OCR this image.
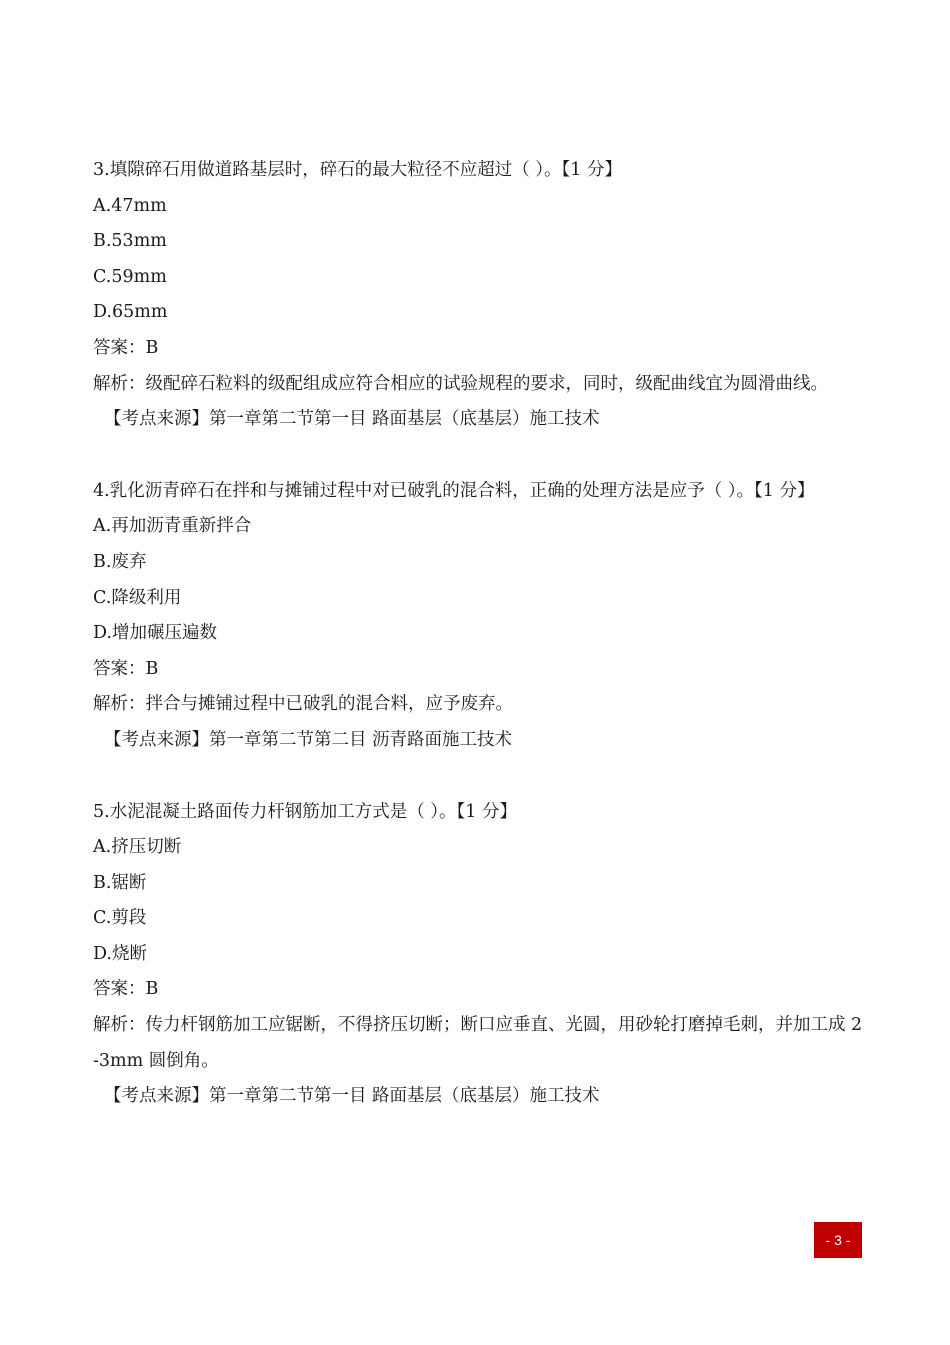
3.填隙碎石用做道路基层时，碎石的最大粒径不应超过（ ）。【1 分】

A.47mm

B.53mm

C.59mm

D.65mm

答案：B

解析：级配碎石粒料的级配组成应符合相应的试验规程的要求，同时，级配曲线宜为圆滑曲线。

【考点来源】第一章第二节第一目 路面基层（底基层）施工技术

4.乳化沥青碎石在拌和与摊铺过程中对已破乳的混合料，正确的处理方法是应予（ ）。【1 分】

A.再加沥青重新拌合

B.废弃

C.降级利用

D.增加碾压遍数

答案：B

解析：拌合与摊铺过程中已破乳的混合料，应予废弃。

【考点来源】第一章第二节第二目 沥青路面施工技术

5.水泥混凝土路面传力杆钢筋加工方式是（ ）。【1 分】

A.挤压切断

B.锯断

C.剪段

D.烧断

答案：B

解析：传力杆钢筋加工应锯断，不得挤压切断；断口应垂直、光圆，用砂轮打磨掉毛刺，并加工成 2-3mm 圆倒角。

【考点来源】第一章第二节第一目 路面基层（底基层）施工技术

- 3 -
